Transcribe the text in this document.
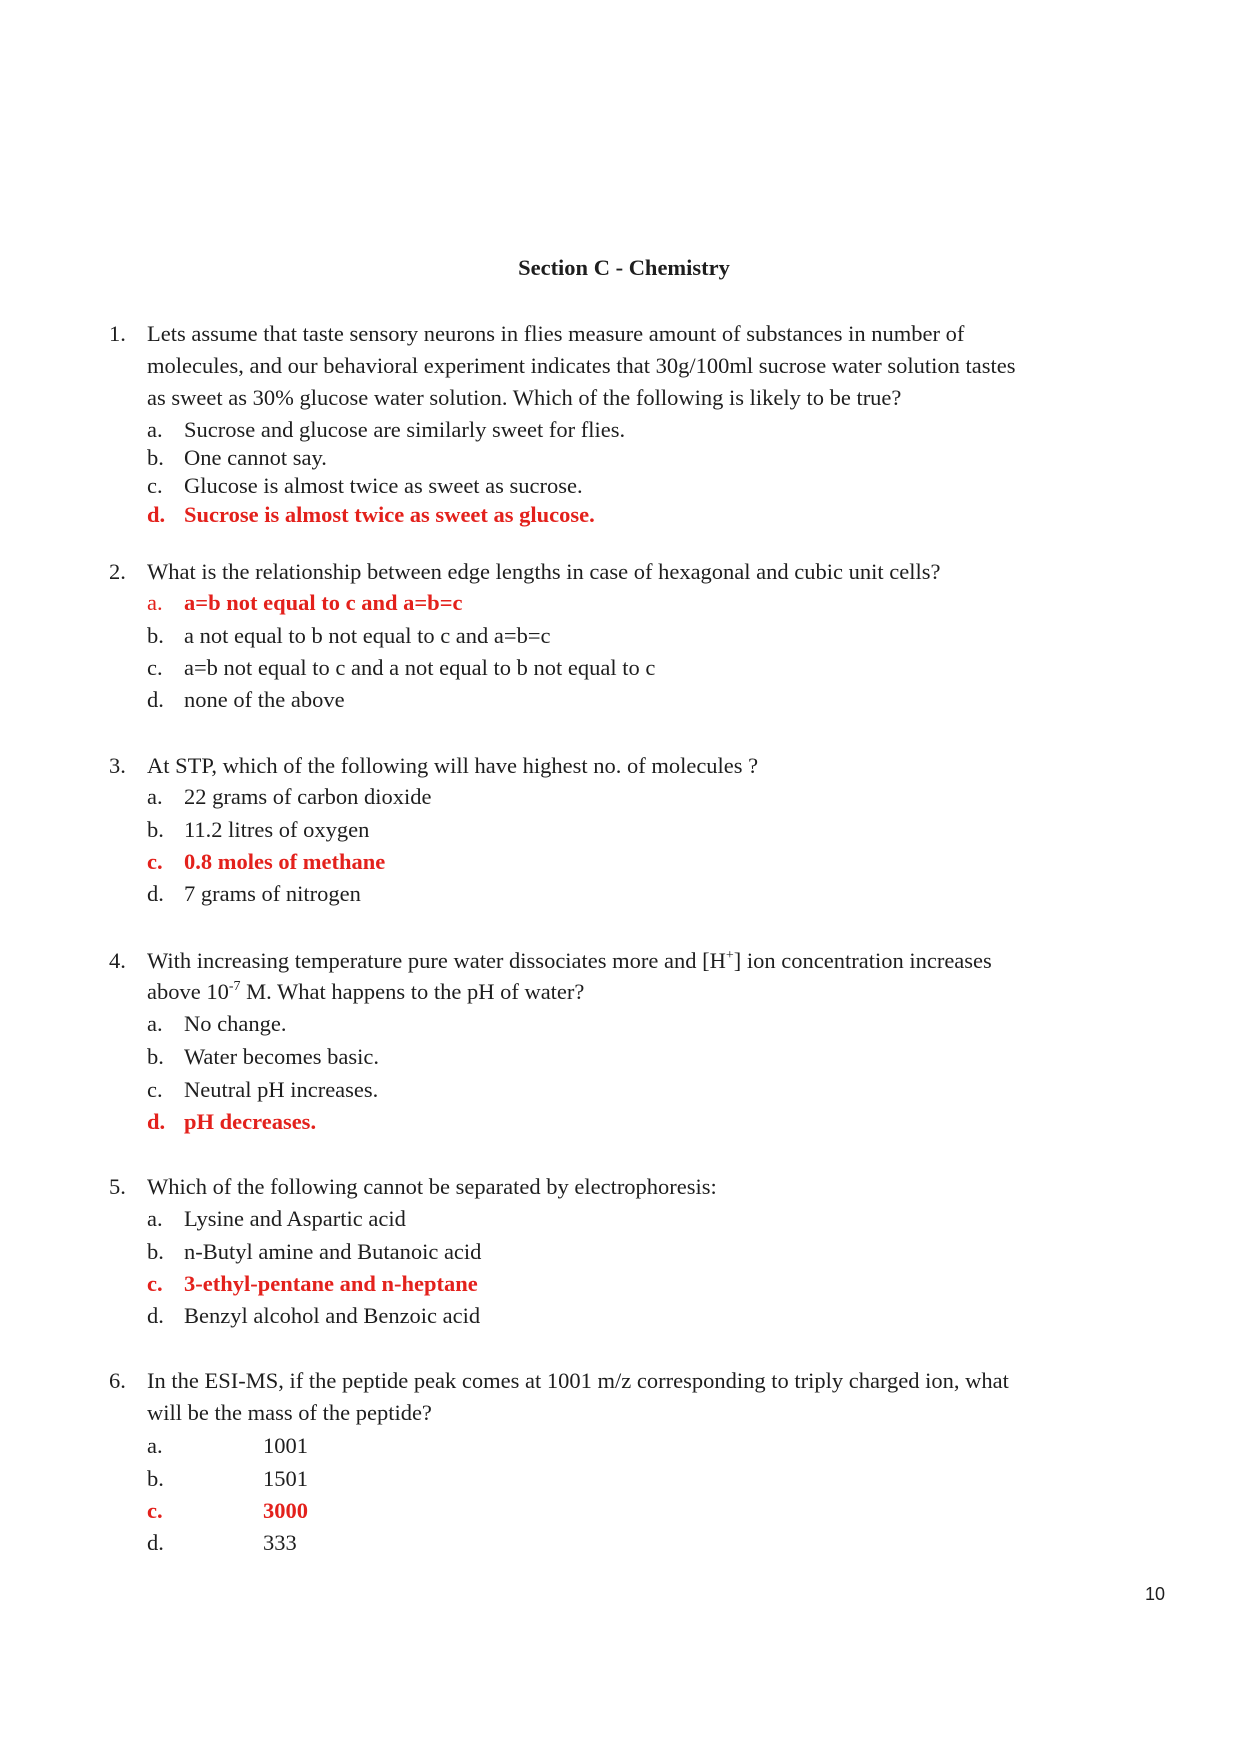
Section C - Chemistry
1. Lets assume that taste sensory neurons in flies measure amount of substances in number of
molecules, and our behavioral experiment indicates that 30g/100ml sucrose water solution tastes
as sweet as 30% glucose water solution. Which of the following is likely to be true?
a. Sucrose and glucose are similarly sweet for flies.
b. One cannot say.
c. Glucose is almost twice as sweet as sucrose.
d. Sucrose is almost twice as sweet as glucose.
2. What is the relationship between edge lengths in case of hexagonal and cubic unit cells?
a. a=b not equal to c and a=b=c
b. a not equal to b not equal to c and a=b=c
c. a=b not equal to c and a not equal to b not equal to c
d. none of the above
3. At STP, which of the following will have highest no. of molecules ?
a. 22 grams of carbon dioxide
b. 11.2 litres of oxygen
c. 0.8 moles of methane
d. 7 grams of nitrogen
4. With increasing temperature pure water dissociates more and [H+] ion concentration increases
above $10^{-7}$ M. What happens to the pH of water?
a. No change.
b. Water becomes basic.
c. Neutral pH increases.
d. pH decreases.
5. Which of the following cannot be separated by electrophoresis:
a. Lysine and Aspartic acid
b. n-Butyl amine and Butanoic acid
c. 3-ethyl-pentane and n-heptane
d. Benzyl alcohol and Benzoic acid
6. In the ESI-MS, if the peptide peak comes at 1001 m/z corresponding to triply charged ion, what
will be the mass of the peptide?
a.	1001
b.	1501
c.	3000
d.	333
10
